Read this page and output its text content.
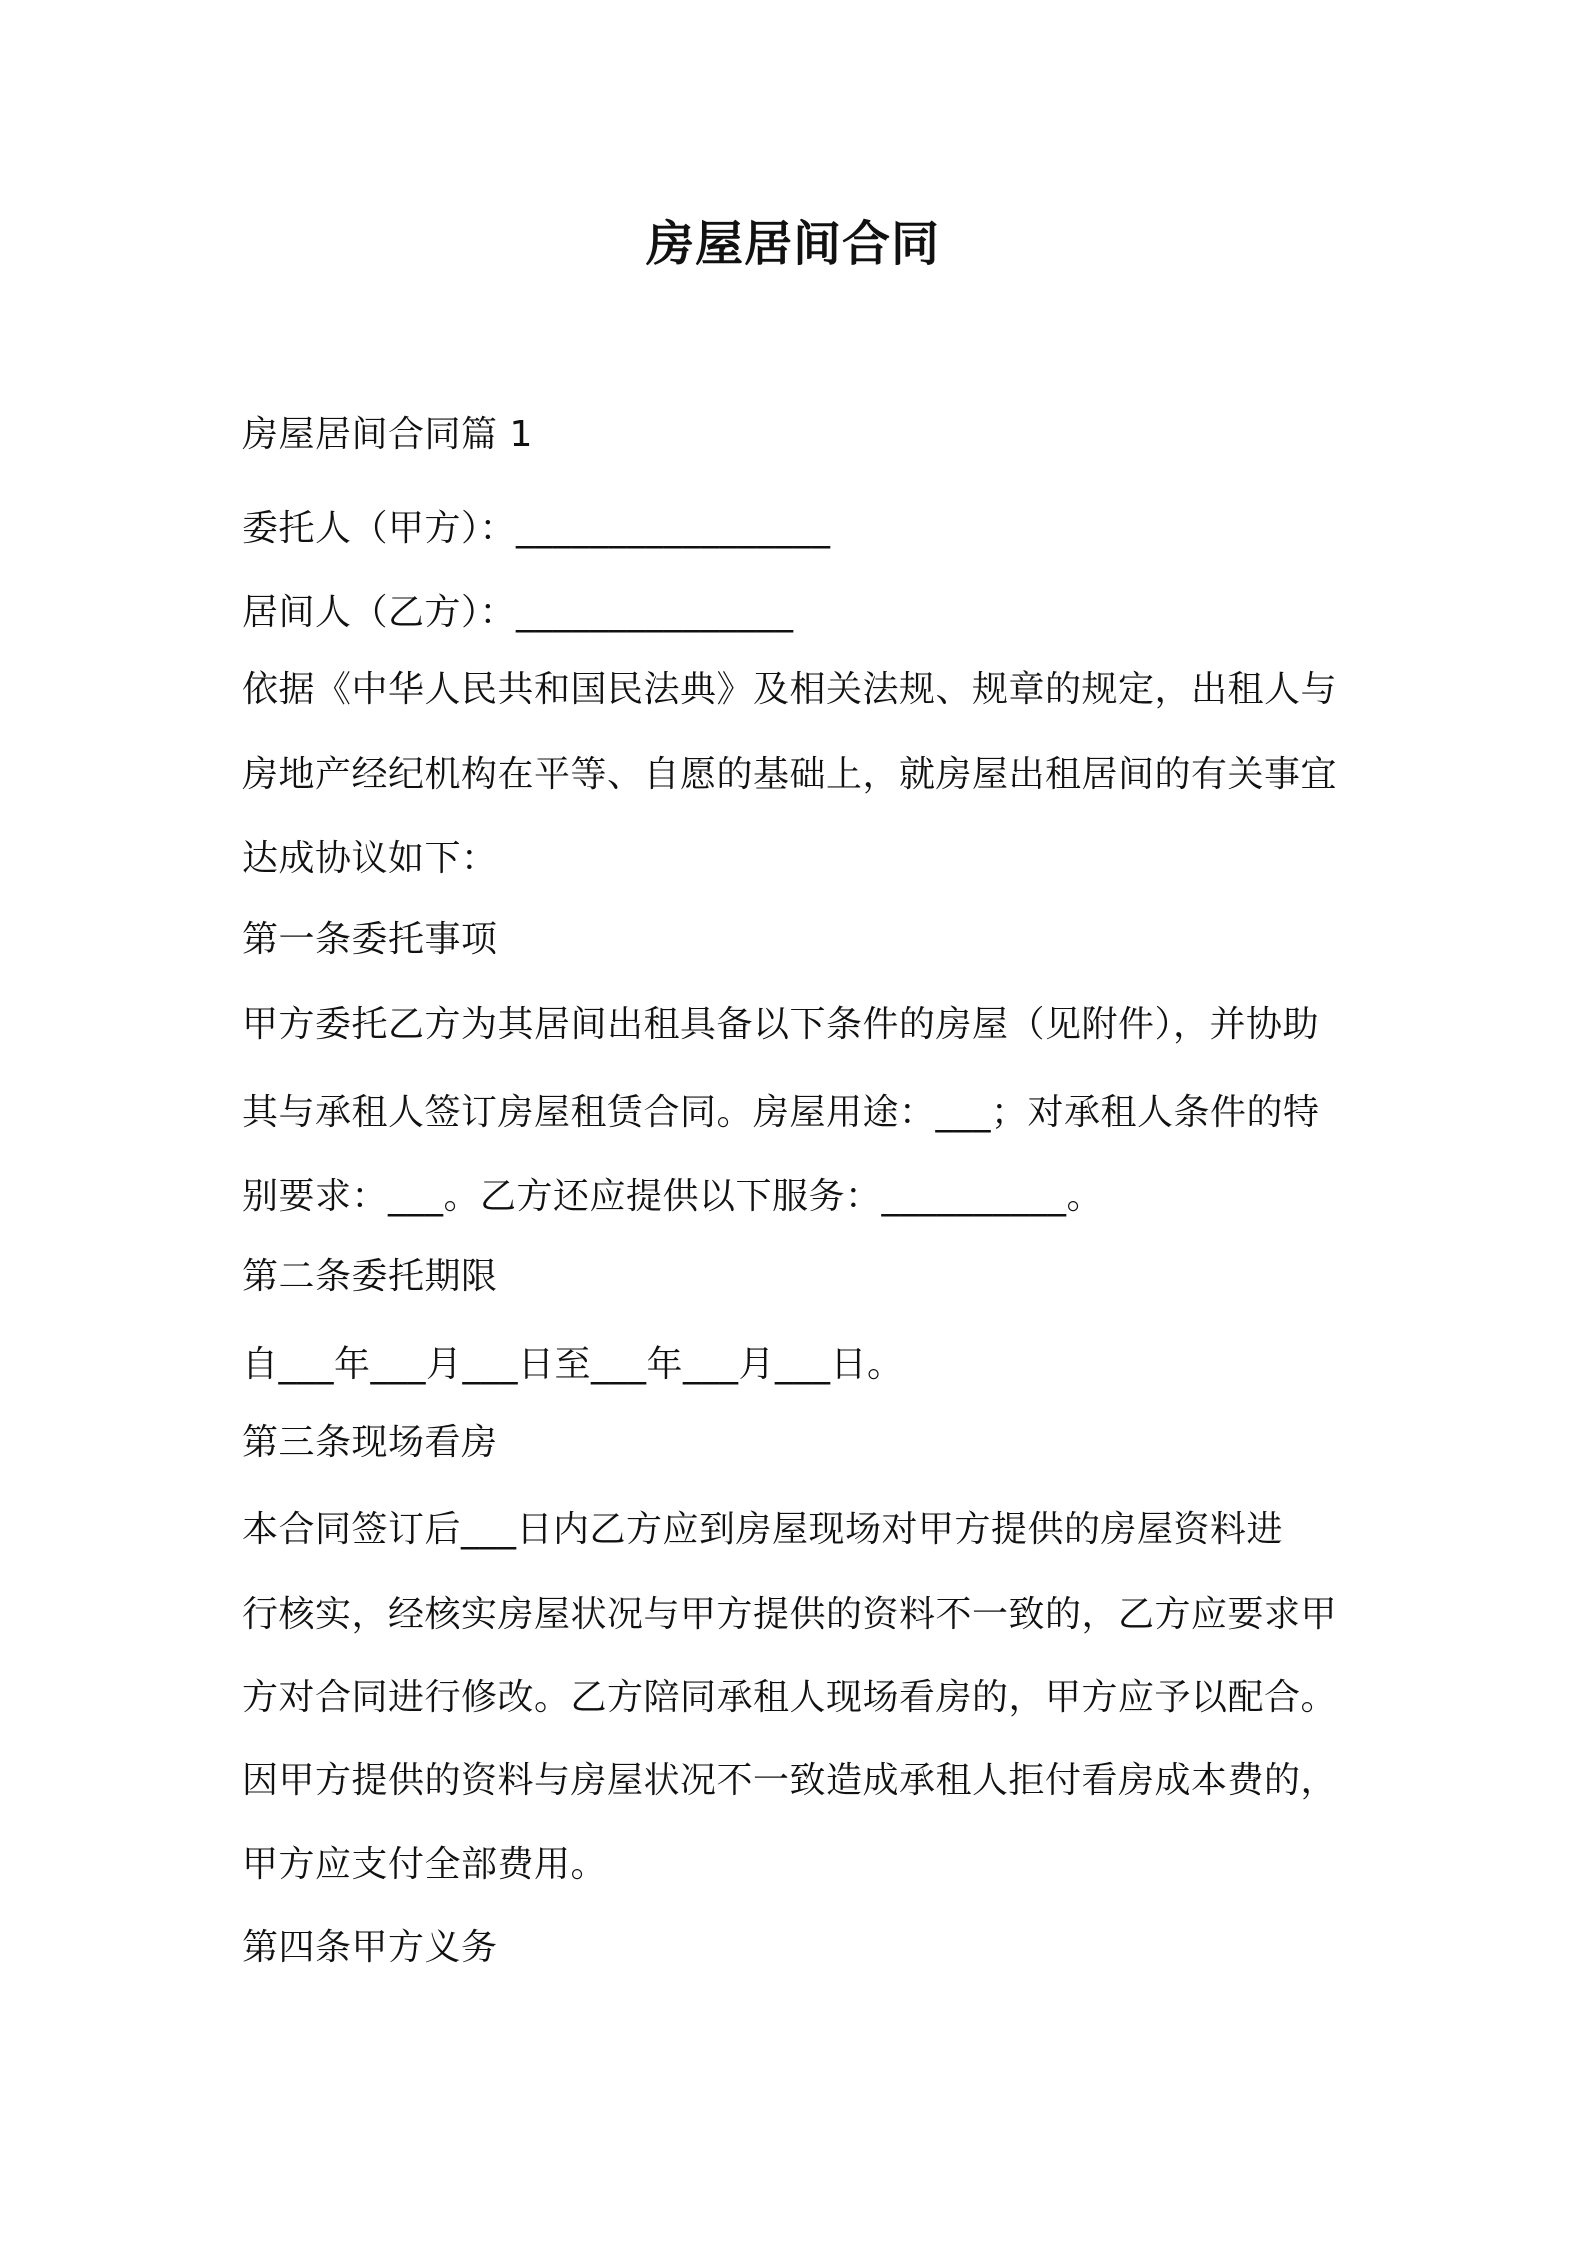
房屋居间合同
房屋居间合同篇 1
委托人（甲方）：_________________
居间人（乙方）：_______________
依据《中华人民共和国民法典》及相关法规、规章的规定，出租人与
房地产经纪机构在平等、自愿的基础上，就房屋出租居间的有关事宜
达成协议如下：
第一条委托事项
甲方委托乙方为其居间出租具备以下条件的房屋（见附件），并协助
其与承租人签订房屋租赁合同。房屋用途：___；对承租人条件的特
别要求：___。乙方还应提供以下服务：__________。
第二条委托期限
自___年___月___日至___年___月___日。
第三条现场看房
本合同签订后___日内乙方应到房屋现场对甲方提供的房屋资料进
行核实，经核实房屋状况与甲方提供的资料不一致的，乙方应要求甲
方对合同进行修改。乙方陪同承租人现场看房的，甲方应予以配合。
因甲方提供的资料与房屋状况不一致造成承租人拒付看房成本费的，
甲方应支付全部费用。
第四条甲方义务
